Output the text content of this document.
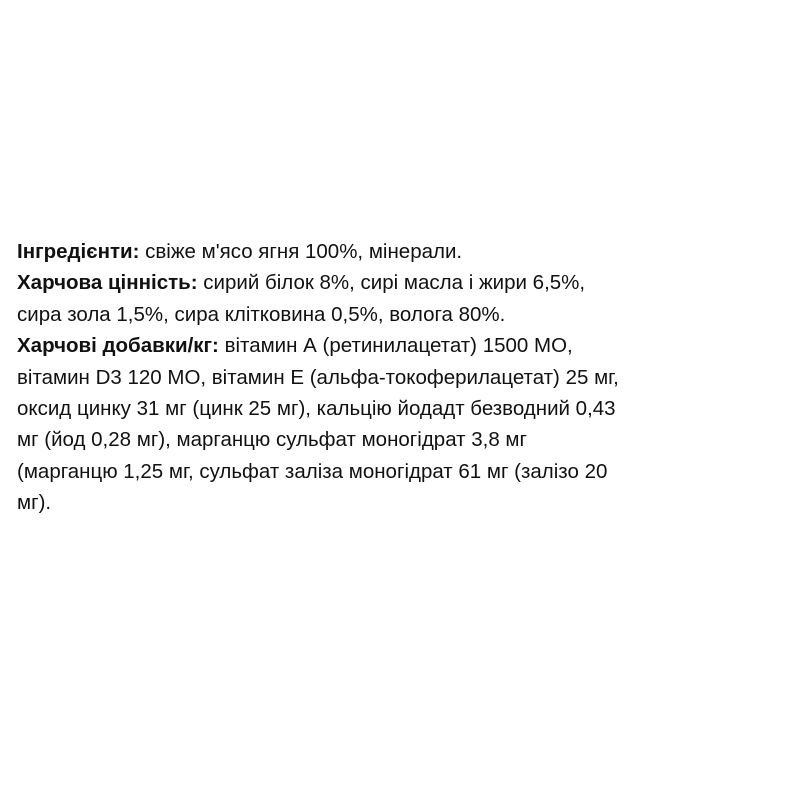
Інгредієнти: свіже м'ясо ягня 100%, мінерали.
Харчова цінність: сирий білок 8%, сирі масла і жири 6,5%,
сира зола 1,5%, сира клітковина 0,5%, волога 80%.
Харчові добавки/кг: вітамин А (ретинилацетат) 1500 МО,
вітамин D3 120 МО, вітамин Е (альфа-токоферилацетат) 25 мг,
оксид цинку 31 мг (цинк 25 мг), кальцію йодадт безводний 0,43
мг (йод 0,28 мг), марганцю сульфат моногідрат 3,8 мг
(марганцю 1,25 мг, сульфат заліза моногідрат 61 мг (залізо 20
мг).
